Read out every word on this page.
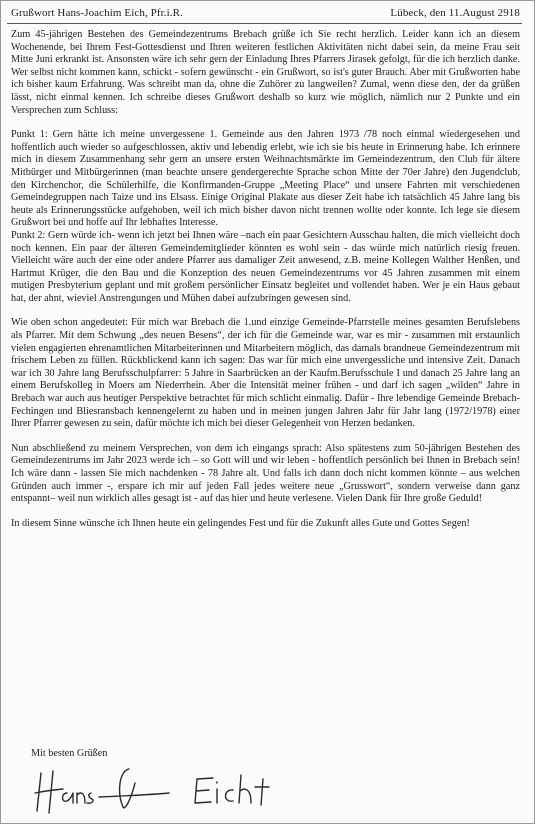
Grußwort Hans-Joachim Eich, Pfr.i.R.	Lübeck, den 11.August 2918

Zum 45-jährigen Bestehen des Gemeindezentrums Brebach grüße ich Sie recht herzlich. Leider kann ich an diesem Wochenende, bei Ihrem Fest-Gottesdienst und Ihren weiteren festlichen Aktivitäten nicht dabei sein, da meine Frau seit Mitte Juni erkrankt ist. Ansonsten wäre ich sehr gern der Einladung Ihres Pfarrers Jirasek gefolgt, für die ich herzlich danke. Wer selbst nicht kommen kann, schickt - sofern gewünscht - ein Grußwort, so ist's guter Brauch. Aber mit Grußworten habe ich bisher kaum Erfahrung. Was schreibt man da, ohne die Zuhörer zu langweilen? Zumal, wenn diese den, der da grüßen lässt, nicht einmal kennen. Ich schreibe dieses Grußwort deshalb so kurz wie möglich, nämlich nur 2 Punkte und ein Versprechen zum Schluss:

Punkt 1: Gern hätte ich meine unvergessene 1. Gemeinde aus den Jahren 1973 /78 noch einmal wiedergesehen und hoffentlich auch wieder so aufgeschlossen, aktiv und lebendig erlebt, wie ich sie bis heute in Erinnerung habe. Ich erinnere mich in diesem Zusammenhang sehr gern an unsere ersten Weihnachtsmärkte im Gemeindezentrum, den Club für ältere Mitbürger und Mitbürgerinnen (man beachte unsere gendergerechte Sprache schon Mitte der 70er Jahre) den Jugendclub, den Kirchenchor, die Schülerhilfe, die Konfirmanden-Gruppe „Meeting Place“ und unsere Fahrten mit verschiedenen Gemeindegruppen nach Taize und ins Elsass. Einige Original Plakate aus dieser Zeit habe ich tatsächlich 45 Jahre lang bis heute als Erinnerungsstücke aufgehoben, weil ich mich bisher davon nicht trennen wollte oder konnte. Ich lege sie diesem Grußwort bei und hoffe auf Ihr lebhaftes Interesse.

Punkt 2: Gern würde ich- wenn ich jetzt bei Ihnen wäre –nach ein paar Gesichtern Ausschau halten, die mich vielleicht doch noch kennen. Ein paar der älteren Gemeindemitglieder könnten es wohl sein - das würde mich natürlich riesig freuen. Vielleicht wäre auch der eine oder andere Pfarrer aus damaliger Zeit anwesend, z.B. meine Kollegen Walther Henßen, und Hartmut Krüger, die den Bau und die Konzeption des neuen Gemeindezentrums vor 45 Jahren zusammen mit einem mutigen Presbyterium geplant und mit großem persönlicher Einsatz begleitet und vollendet haben. Wer je ein Haus gebaut hat, der ahnt, wieviel Anstrengungen und Mühen dabei aufzubringen gewesen sind.

Wie oben schon angedeutet: Für mich war Brebach die 1.und einzige Gemeinde-Pfarrstelle meines gesamten Berufslebens als Pfarrer. Mit dem Schwung „des neuen Besens“, der ich für die Gemeinde war, war es mir - zusammen mit erstaunlich vielen engagierten ehrenamtlichen Mitarbeiterinnen und Mitarbeitern möglich, das damals brandneue Gemeindezentrum mit frischem Leben zu füllen. Rückblickend kann ich sagen: Das war für mich eine unvergessliche und intensive Zeit. Danach war ich 30 Jahre lang Berufsschulpfarrer: 5 Jahre in Saarbrücken an der Kaufm.Berufsschule I und danach 25 Jahre lang an einem Berufskolleg in Moers am Niederrhein. Aber die Intensität meiner frühen - und darf ich sagen „wilden“ Jahre in Brebach war auch aus heutiger Perspektive betrachtet für mich schlicht einmalig. Dafür - Ihre lebendige Gemeinde Brebach-Fechingen und Bliesransbach kennengelernt zu haben und in meinen jungen Jahren Jahr für Jahr lang (1972/1978) einer Ihrer Pfarrer gewesen zu sein, dafür möchte ich mich bei dieser Gelegenheit von Herzen bedanken.

Nun abschließend zu meinem Versprechen, von dem ich eingangs sprach: Also spätestens zum 50-jährigen Bestehen des Gemeindezentrums im Jahr 2023 werde ich – so Gott will und wir leben - hoffentlich persönlich bei Ihnen in Brebach sein! Ich wäre dann - lassen Sie mich nachdenken - 78 Jahre alt. Und falls ich dann doch nicht kommen könnte – aus welchen Gründen auch immer -, erspare ich mir auf jeden Fall jedes weitere neue „Grusswort“, sondern verweise dann ganz entspannt– weil nun wirklich alles gesagt ist - auf das hier und heute verlesene. Vielen Dank für Ihre große Geduld!

In diesem Sinne wünsche ich Ihnen heute ein gelingendes Fest und für die Zukunft alles Gute und Gottes Segen!

Mit besten Grüßen
